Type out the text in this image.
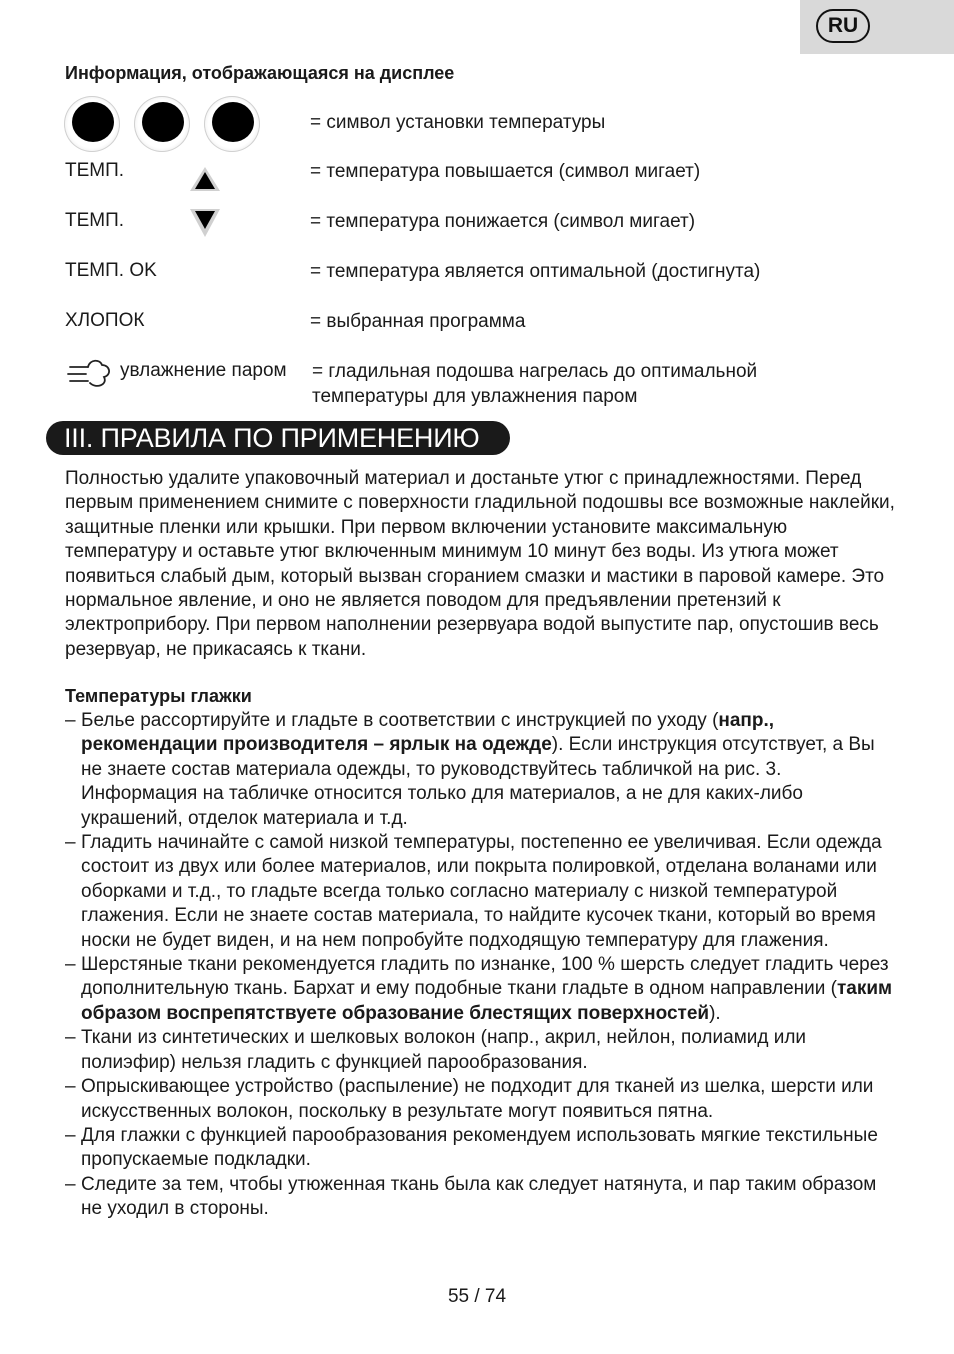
RU
Информация, отображающаяся на дисплее
= символ установки температуры
ТЕМП.	= температура повышается (символ мигает)
ТЕМП.	= температура понижается (символ мигает)
ТЕМП. OK	= температура является оптимальной (достигнута)
ХЛОПОК	= выбранная программа
увлажнение паром = гладильная подошва нагрелась до оптимальной
температуры для увлажнения паром
III. ПРАВИЛА ПО ПРИМЕНЕНИЮ
Полностью удалите упаковочный материал и достаньте утюг с принадлежностями. Перед первым применением снимите с поверхности гладильной подошвы все возможные наклейки, защитные пленки или крышки. При первом включении установите максимальную температуру и оставьте утюг включенным минимум 10 минут без воды. Из утюга может появиться слабый дым, который вызван сгоранием смазки и мастики в паровой камере. Это нормальное явление, и оно не является поводом для предъявлении претензий к электроприбору. При первом наполнении резервуара водой выпустите пар, опустошив весь резервуар, не прикасаясь к ткани.
Температуры глажки
– Белье рассортируйте и гладьте в соответствии с инструкцией по уходу (напр., рекомендации производителя – ярлык на одежде). Если инструкция отсутствует, а Вы не знаете состав материала одежды, то руководствуйтесь табличкой на рис. 3. Информация на табличке относится только для материалов, а не для каких-либо украшений, отделок материала и т.д.
– Гладить начинайте с самой низкой температуры, постепенно ее увеличивая. Если одежда состоит из двух или более материалов, или покрыта полировкой, отделана воланами или оборками и т.д., то гладьте всегда только согласно материалу с низкой температурой глажения. Если не знаете состав материала, то найдите кусочек ткани, который во время носки не будет виден, и на нем попробуйте подходящую температуру для глажения.
– Шерстяные ткани рекомендуется гладить по изнанке, 100 % шерсть следует гладить через дополнительную ткань. Бархат и ему подобные ткани гладьте в одном направлении (таким образом воспрепятствуете образование блестящих поверхностей).
– Ткани из синтетических и шелковых волокон (напр., акрил, нейлон, полиамид или полиэфир) нельзя гладить с функцией парообразования.
– Опрыскивающее устройство (распыление) не подходит для тканей из шелка, шерсти или искусственных волокон, поскольку в результате могут появиться пятна.
– Для глажки с функцией парообразования рекомендуем использовать мягкие текстильные пропускаемые подкладки.
– Следите за тем, чтобы утюженная ткань была как следует натянута, и пар таким образом не уходил в стороны.
55 / 74
